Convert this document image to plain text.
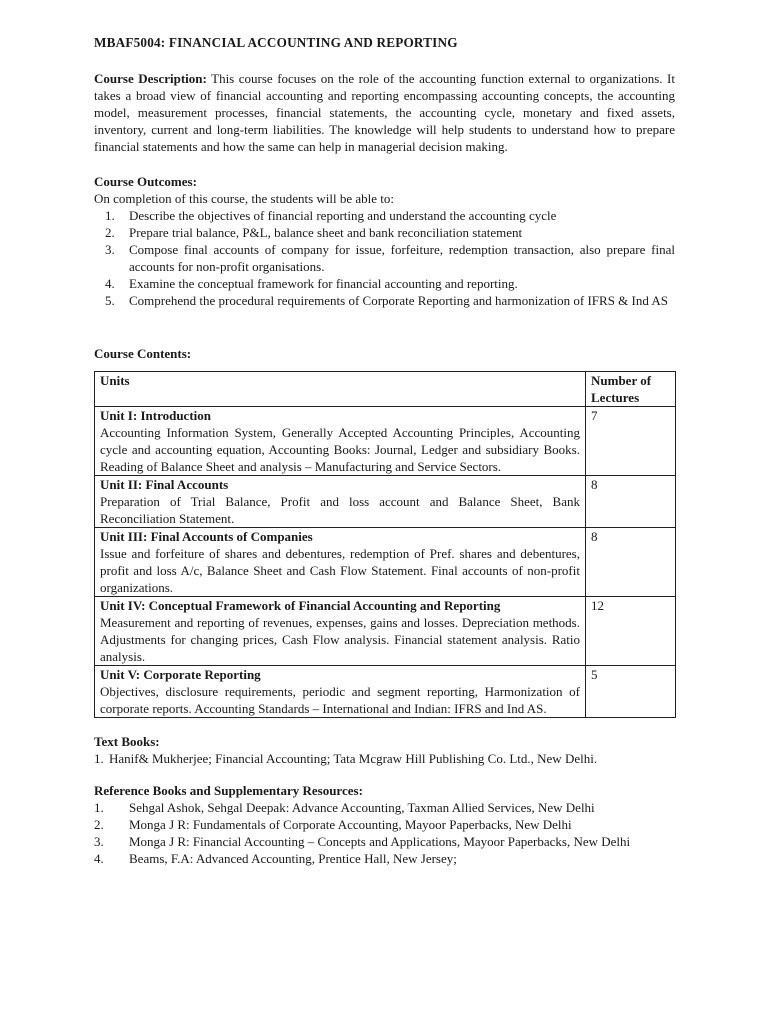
MBAF5004: FINANCIAL ACCOUNTING AND REPORTING

Course Description: This course focuses on the role of the accounting function external to organizations. It takes a broad view of financial accounting and reporting encompassing accounting concepts, the accounting model, measurement processes, financial statements, the accounting cycle, monetary and fixed assets, inventory, current and long-term liabilities. The knowledge will help students to understand how to prepare financial statements and how the same can help in managerial decision making.

Course Outcomes:

On completion of this course, the students will be able to:

1. Describe the objectives of financial reporting and understand the accounting cycle
2. Prepare trial balance, P&L, balance sheet and bank reconciliation statement
3. Compose final accounts of company for issue, forfeiture, redemption transaction, also prepare final accounts for non-profit organisations.
4. Examine the conceptual framework for financial accounting and reporting.
5. Comprehend the procedural requirements of Corporate Reporting and harmonization of IFRS & Ind AS

Course Contents:

Units	Number of Lectures

Unit I: Introduction
Accounting Information System, Generally Accepted Accounting Principles, Accounting cycle and accounting equation, Accounting Books: Journal, Ledger and subsidiary Books. Reading of Balance Sheet and analysis – Manufacturing and Service Sectors.	7

Unit II: Final Accounts
Preparation of Trial Balance, Profit and loss account and Balance Sheet, Bank Reconciliation Statement.	8

Unit III: Final Accounts of Companies
Issue and forfeiture of shares and debentures, redemption of Pref. shares and debentures, profit and loss A/c, Balance Sheet and Cash Flow Statement. Final accounts of non-profit organizations.	8

Unit IV: Conceptual Framework of Financial Accounting and Reporting
Measurement and reporting of revenues, expenses, gains and losses. Depreciation methods. Adjustments for changing prices, Cash Flow analysis. Financial statement analysis. Ratio analysis.	12

Unit V: Corporate Reporting
Objectives, disclosure requirements, periodic and segment reporting, Harmonization of corporate reports. Accounting Standards – International and Indian: IFRS and Ind AS.	5

Text Books:

1. Hanif& Mukherjee; Financial Accounting; Tata Mcgraw Hill Publishing Co. Ltd., New Delhi.

Reference Books and Supplementary Resources:

1. Sehgal Ashok, Sehgal Deepak: Advance Accounting, Taxman Allied Services, New Delhi
2. Monga J R: Fundamentals of Corporate Accounting, Mayoor Paperbacks, New Delhi
3. Monga J R: Financial Accounting – Concepts and Applications, Mayoor Paperbacks, New Delhi
4. Beams, F.A: Advanced Accounting, Prentice Hall, New Jersey;
